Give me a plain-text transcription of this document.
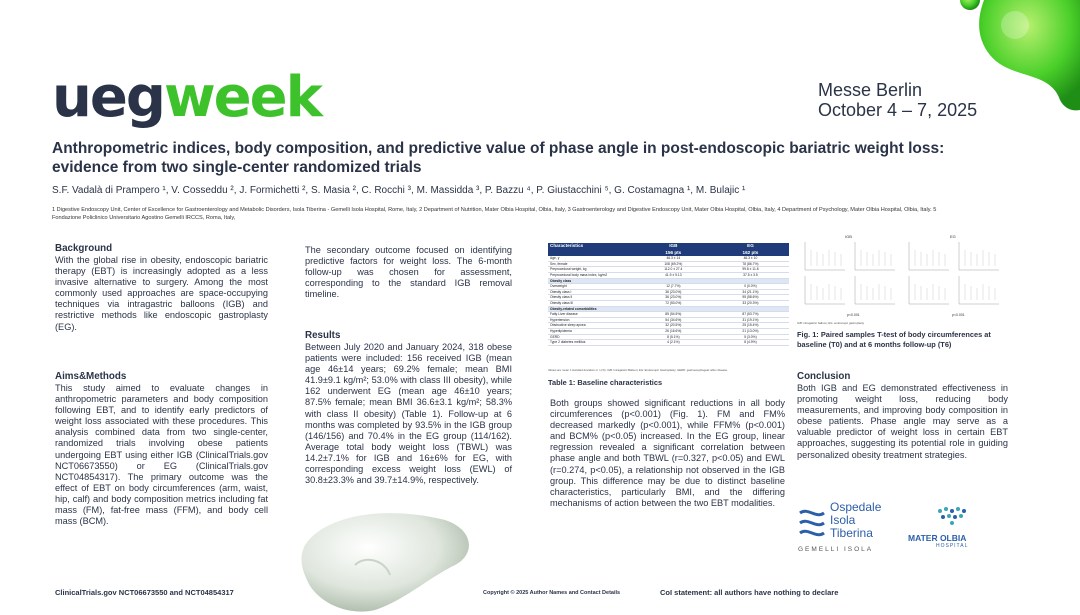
uegweek	Messe Berlin
October 4 – 7, 2025
Anthropometric indices, body composition, and predictive value of phase angle in post-endoscopic bariatric weight loss: evidence from two single-center randomized trials
S.F. Vadalà di Prampero ¹, V. Cosseddu ², J. Formichetti ², S. Masia ², C. Rocchi ³, M. Massidda ³, P. Bazzu ⁴, P. Giustacchini ⁵, G. Costamagna ¹, M. Bulajic ¹
1 Digestive Endoscopy Unit, Center of Excellence for Gastroenterology and Metabolic Disorders, Isola Tiberina - Gemelli Isola Hospital, Rome, Italy, 2 Department of Nutrition, Mater Olbia Hospital, Olbia, Italy, 3 Gastroenterology and Digestive Endoscopy Unit, Mater Olbia Hospital, Olbia, Italy, 4 Department of Psychology, Mater Olbia Hospital, Olbia, Italy. 5 Fondazione Policlinico Universitario Agostino Gemelli IRCCS, Roma, Italy,
Background

With the global rise in obesity, endoscopic bariatric therapy (EBT) is increasingly adopted as a less invasive alternative to surgery. Among the most commonly used approaches are space-occupying techniques via intragastric balloons (IGB) and restrictive methods like endoscopic gastroplasty (EG).

Aims&Methods

This study aimed to evaluate changes in anthropometric parameters and body composition following EBT, and to identify early predictors of weight loss associated with these procedures. This analysis combined data from two single-center, randomized trials involving obese patients undergoing EBT using either IGB (ClinicalTrials.gov NCT06673550) or EG (ClinicalTrials.gov NCT04854317). The primary outcome was the effect of EBT on body circumferences (arm, waist, hip, calf) and body composition metrics including fat mass (FM), fat-free mass (FFM), and body cell mass (BCM).

The secondary outcome focused on identifying predictive factors for weight loss. The 6-month follow-up was chosen for assessment, corresponding to the standard IGB removal timeline.

Results

Between July 2020 and January 2024, 318 obese patients were included: 156 received IGB (mean age 46±14 years; 69.2% female; mean BMI 41.9±9.1 kg/m²; 53.0% with class III obesity), while 162 underwent EG (mean age 46±10 years; 87.5% female; mean BMI 36.6±3.1 kg/m²; 58.3% with class II obesity) (Table 1). Follow-up at 6 months was completed by 93.5% in the IGB group (146/156) and 70.4% in the EG group (114/162). Average total body weight loss (TBWL) was 14.2±7.1% for IGB and 16±6% for EG, with corresponding excess weight loss (EWL) of 30.8±23.3% and 39.7±14.9%, respectively.

Characteristics	IGB	EG
	156 pts	162 pts
Age, y	46.3 ± 14	46.3 ± 10
Sex, female	108 (69.2%)	78 (86.7%)
Preprocedural weight, kg	112.0 ± 27.4	99.8 ± 11.8
Preprocedural body mass index, kg/m2	41.9 ± 9.13	37.5 ± 3.5
Obesity class		
Overweight	12 (7.7%)	0 (0.0%)
Obesity class I	36 (23.0%)	34 (21.1%)
Obesity class II	36 (23.0%)	95 (58.6%)
Obesity class III	72 (53.0%)	33 (20.3%)
Obesity-related comorbidities		
Fatty Liver disease	85 (54.5%)	87 (53.7%)
Hypertension	54 (34.6%)	31 (19.1%)
Obstructive sleep apnea	32 (20.5%)	25 (15.4%)
Hyperlipidemia	26 (16.6%)	21 (13.0%)
GERD	8 (5.1%)	5 (3.0%)
Type 2 diabetes mellitus	4 (2.1%)	8 (4.9%)
Values are mean ± standard deviation or n (%). IGB: Intragastric Balloon; EG: Endoscopic Gastroplasty; GERD: gastroesophageal reflux disease.
Table 1: Baseline characteristics

Both groups showed significant reductions in all body circumferences (p<0.001) (Fig. 1). FM and FM% decreased markedly (p<0.001), while FFM% (p<0.001) and BCM% (p<0.05) increased. In the EG group, linear regression revealed a significant correlation between phase angle and both TBWL (r=0.327, p<0.05) and EWL (r=0.274, p<0.05), a relationship not observed in the IGB group. This difference may be due to distinct baseline characteristics, particularly BMI, and the differing mechanisms of action between the two EBT modalities.

IGB	EG
p<0.001	p<0.001
IGB: intragastric balloon; EG: endoscopic gastroplasty
Fig. 1: Paired samples T-test of body circumferences at baseline (T0) and at 6 months follow-up (T6)
Conclusion

Both IGB and EG demonstrated effectiveness in promoting weight loss, reducing body measurements, and improving body composition in obese patients. Phase angle may serve as a valuable predictor of weight loss in certain EBT approaches, suggesting its potential role in guiding personalized obesity treatment strategies.

Ospedale
Isola
Tiberina
GEMELLI ISOLA
MATER OLBIA
HOSPITAL
ClinicalTrials.gov NCT06673550 and NCT04854317	Copyright © 2025 Author Names and Contact Details	CoI statement: all authors have nothing to declare
